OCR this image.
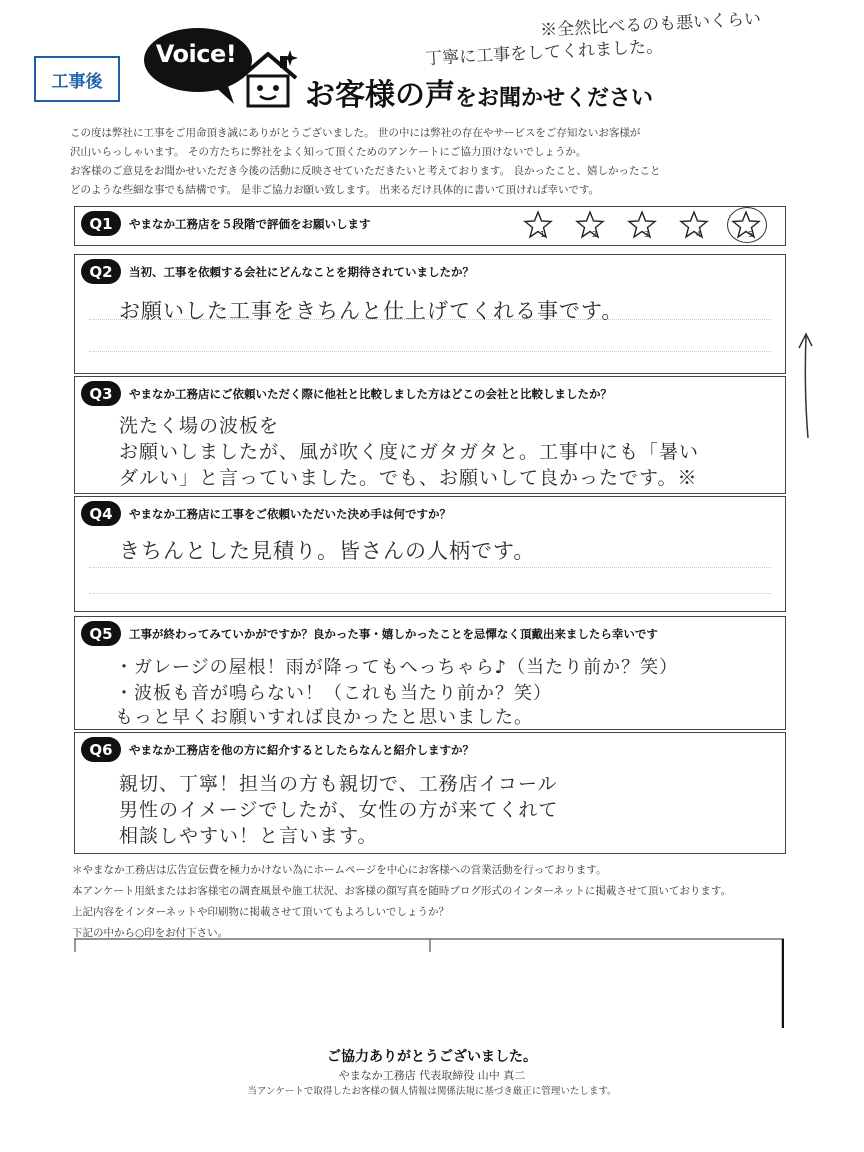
工事後
Voice!
お客様の声をお聞かせください
※全然比べるのも悪いくらい
丁寧に工事をしてくれました。
この度は弊社に工事をご用命頂き誠にありがとうございました。 世の中には弊社の存在やサービスをご存知ないお客様が
沢山いらっしゃいます。 その方たちに弊社をよく知って頂くためのアンケートにご協力頂けないでしょうか。
お客様のご意見をお聞かせいただき今後の活動に反映させていただきたいと考えております。 良かったこと、嬉しかったこと
どのような些細な事でも結構です。 是非ご協力お願い致します。 出来るだけ具体的に書いて頂ければ幸いです。
Q1	やまなか工務店を５段階で評価をお願いします
1	2	3	4	5
Q2	当初、工事を依頼する会社にどんなことを期待されていましたか？
お願いした工事をきちんと仕上げてくれる事です。
Q3	やまなか工務店にご依頼いただく際に他社と比較しました方はどこの会社と比較しましたか？
洗たく場の波板を
お願いしましたが、風が吹く度にガタガタと。工事中にも「暑い
ダルい」と言っていました。でも、お願いして良かったです。※
Q4	やまなか工務店に工事をご依頼いただいた決め手は何ですか？
きちんとした見積り。皆さんの人柄です。
Q5	工事が終わってみていかがですか？良かった事・嬉しかったことを忌憚なく頂戴出来ましたら幸いです
・ガレージの屋根！雨が降ってもへっちゃら♪（当たり前か？笑）
・波板も音が鳴らない！（これも当たり前か？笑）
もっと早くお願いすれば良かったと思いました。
Q6	やまなか工務店を他の方に紹介するとしたらなんと紹介しますか？
親切、丁寧！担当の方も親切で、工務店イコール
男性のイメージでしたが、女性の方が来てくれて
相談しやすい！と言います。
＊やまなか工務店は広告宣伝費を極力かけない為にホームページを中心にお客様への営業活動を行っております。
本アンケート用紙またはお客様宅の調査風景や施工状況、お客様の顔写真を随時ブログ形式のインターネットに掲載させて頂いております。
上記内容をインターネットや印刷物に掲載させて頂いてもよろしいでしょうか？
下記の中から○印をお付下さい。
ご協力ありがとうございました。
やまなか工務店 代表取締役 山中 真二
当アンケートで取得したお客様の個人情報は関係法規に基づき厳正に管理いたします。
